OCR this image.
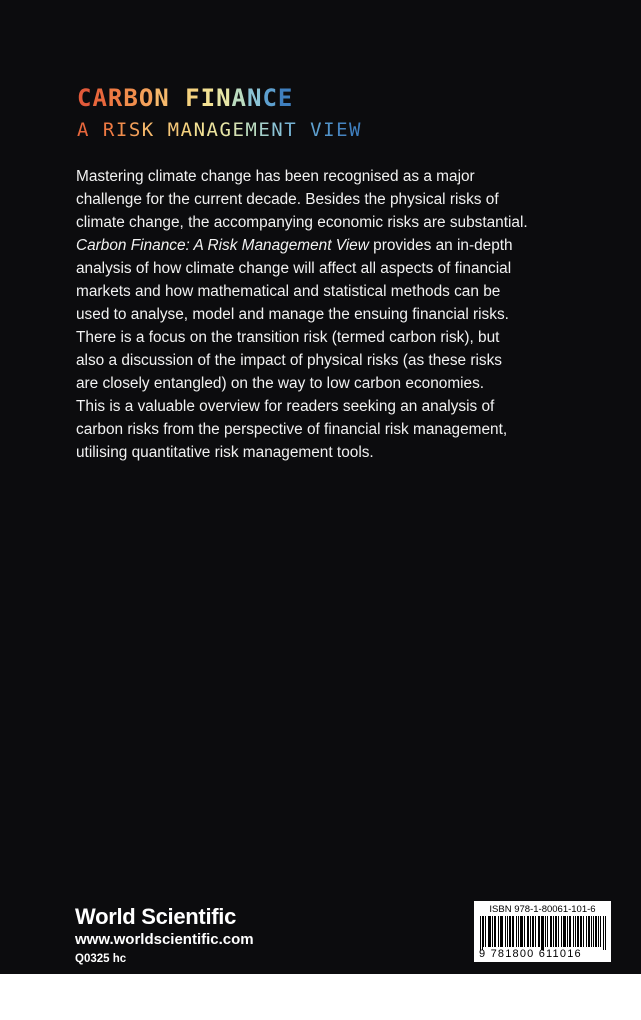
CARBON FINANCE
A RISK MANAGEMENT VIEW
Mastering climate change has been recognised as a major
challenge for the current decade. Besides the physical risks of
climate change, the accompanying economic risks are substantial.
Carbon Finance: A Risk Management View provides an in-depth
analysis of how climate change will affect all aspects of financial
markets and how mathematical and statistical methods can be
used to analyse, model and manage the ensuing financial risks.
There is a focus on the transition risk (termed carbon risk), but
also a discussion of the impact of physical risks (as these risks
are closely entangled) on the way to low carbon economies.
This is a valuable overview for readers seeking an analysis of
carbon risks from the perspective of financial risk management,
utilising quantitative risk management tools.
World Scientific
www.worldscientific.com
Q0325 hc
ISBN 978-1-80061-101-6
9 781800 611016
